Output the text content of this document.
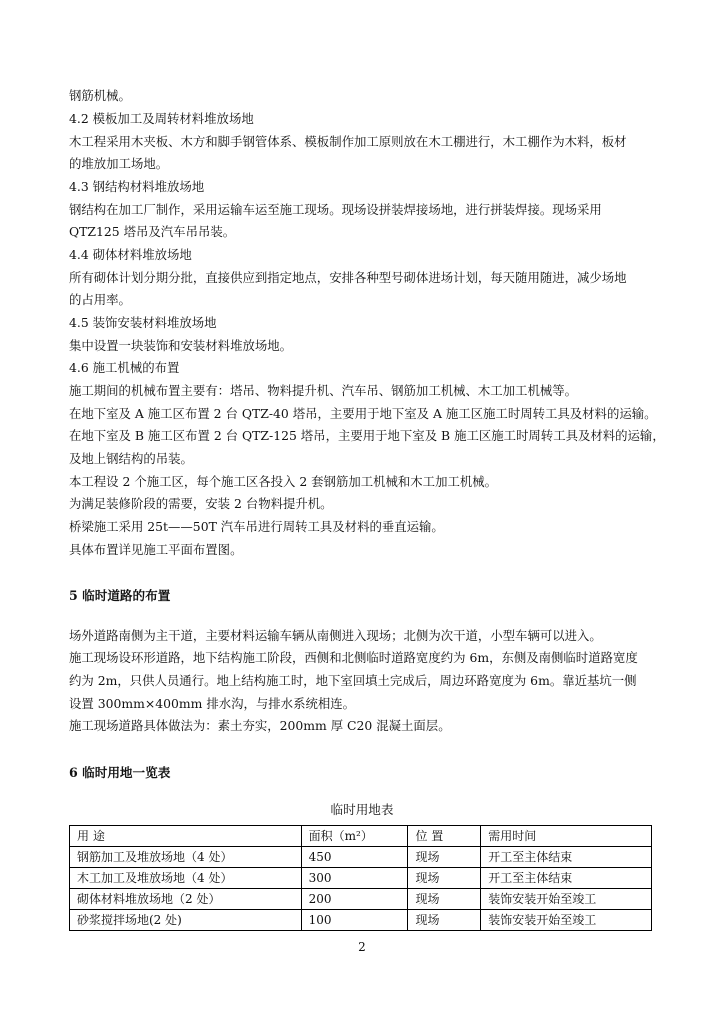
钢筋机械。
4.2 模板加工及周转材料堆放场地
木工程采用木夹板、木方和脚手钢管体系、模板制作加工原则放在木工棚进行，木工棚作为木料，板材
的堆放加工场地。
4.3 钢结构材料堆放场地
钢结构在加工厂制作，采用运输车运至施工现场。现场设拼装焊接场地，进行拼装焊接。现场采用
QTZ125 塔吊及汽车吊吊装。
4.4 砌体材料堆放场地
所有砌体计划分期分批，直接供应到指定地点，安排各种型号砌体进场计划，每天随用随进，减少场地
的占用率。
4.5 装饰安装材料堆放场地
集中设置一块装饰和安装材料堆放场地。
4.6 施工机械的布置
施工期间的机械布置主要有：塔吊、物料提升机、汽车吊、钢筋加工机械、木工加工机械等。
在地下室及 A 施工区布置 2 台 QTZ-40 塔吊，主要用于地下室及 A 施工区施工时周转工具及材料的运输。
在地下室及 B 施工区布置 2 台 QTZ-125 塔吊，主要用于地下室及 B 施工区施工时周转工具及材料的运输，
及地上钢结构的吊装。
本工程设 2 个施工区，每个施工区各投入 2 套钢筋加工机械和木工加工机械。
为满足装修阶段的需要，安装 2 台物料提升机。
桥梁施工采用 25t——50T 汽车吊进行周转工具及材料的垂直运输。
具体布置详见施工平面布置图。
5 临时道路的布置
场外道路南侧为主干道，主要材料运输车辆从南侧进入现场；北侧为次干道，小型车辆可以进入。
施工现场设环形道路，地下结构施工阶段，西侧和北侧临时道路宽度约为 6m，东侧及南侧临时道路宽度
约为 2m，只供人员通行。地上结构施工时，地下室回填土完成后，周边环路宽度为 6m。靠近基坑一侧
设置 300mm×400mm 排水沟，与排水系统相连。
施工现场道路具体做法为：素土夯实，200mm 厚 C20 混凝土面层。
6 临时用地一览表
临时用地表
用 途	面积（m²）	位 置	需用时间
钢筋加工及堆放场地（4 处）	450	现场	开工至主体结束
木工加工及堆放场地（4 处）	300	现场	开工至主体结束
砌体材料堆放场地（2 处）	200	现场	装饰安装开始至竣工
砂浆搅拌场地(2 处)	100	现场	装饰安装开始至竣工
2
